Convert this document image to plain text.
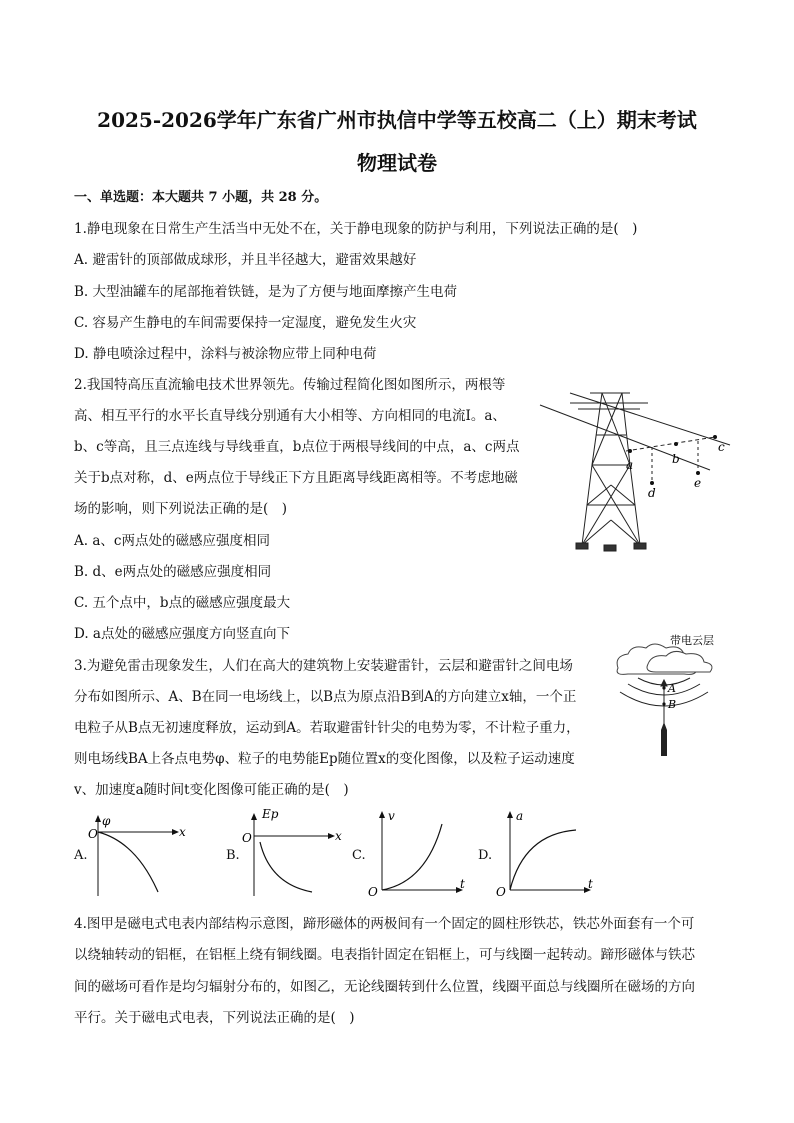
2025-2026学年广东省广州市执信中学等五校高二（上）期末考试
物理试卷
一、单选题：本大题共 7 小题，共 28 分。
1.静电现象在日常生产生活当中无处不在，关于静电现象的防护与利用，下列说法正确的是(　)
A. 避雷针的顶部做成球形，并且半径越大，避雷效果越好
B. 大型油罐车的尾部拖着铁链，是为了方便与地面摩擦产生电荷
C. 容易产生静电的车间需要保持一定湿度，避免发生火灾
D. 静电喷涂过程中，涂料与被涂物应带上同种电荷
2.我国特高压直流输电技术世界领先。传输过程简化图如图所示，两根等
高、相互平行的水平长直导线分别通有大小相等、方向相同的电流I。a、
b、c等高，且三点连线与导线垂直，b点位于两根导线间的中点，a、c两点
关于b点对称，d、e两点位于导线正下方且距离导线距离相等。不考虑地磁
场的影响，则下列说法正确的是(　)
A. a、c两点处的磁感应强度相同
B. d、e两点处的磁感应强度相同
C. 五个点中，b点的磁感应强度最大
D. a点处的磁感应强度方向竖直向下
a	b
c
d
e
3.为避免雷击现象发生，人们在高大的建筑物上安装避雷针，云层和避雷针之间电场
分布如图所示、A、B在同一电场线上，以B点为原点沿B到A的方向建立x轴，一个正
电粒子从B点无初速度释放，运动到A。若取避雷针针尖的电势为零，不计粒子重力，
则电场线BA上各点电势φ、粒子的电势能Ep随位置x的变化图像，以及粒子运动速度
v、加速度a随时间t变化图像可能正确的是(　)
带电云层
A
B
A.
φ
x
O
B.
Ep
x
O
C.
v
t
O
D.
a
t
O
4.图甲是磁电式电表内部结构示意图，蹄形磁体的两极间有一个固定的圆柱形铁芯，铁芯外面套有一个可
以绕轴转动的铝框，在铝框上绕有铜线圈。电表指针固定在铝框上，可与线圈一起转动。蹄形磁体与铁芯
间的磁场可看作是均匀辐射分布的，如图乙，无论线圈转到什么位置，线圈平面总与线圈所在磁场的方向
平行。关于磁电式电表，下列说法正确的是(　)
